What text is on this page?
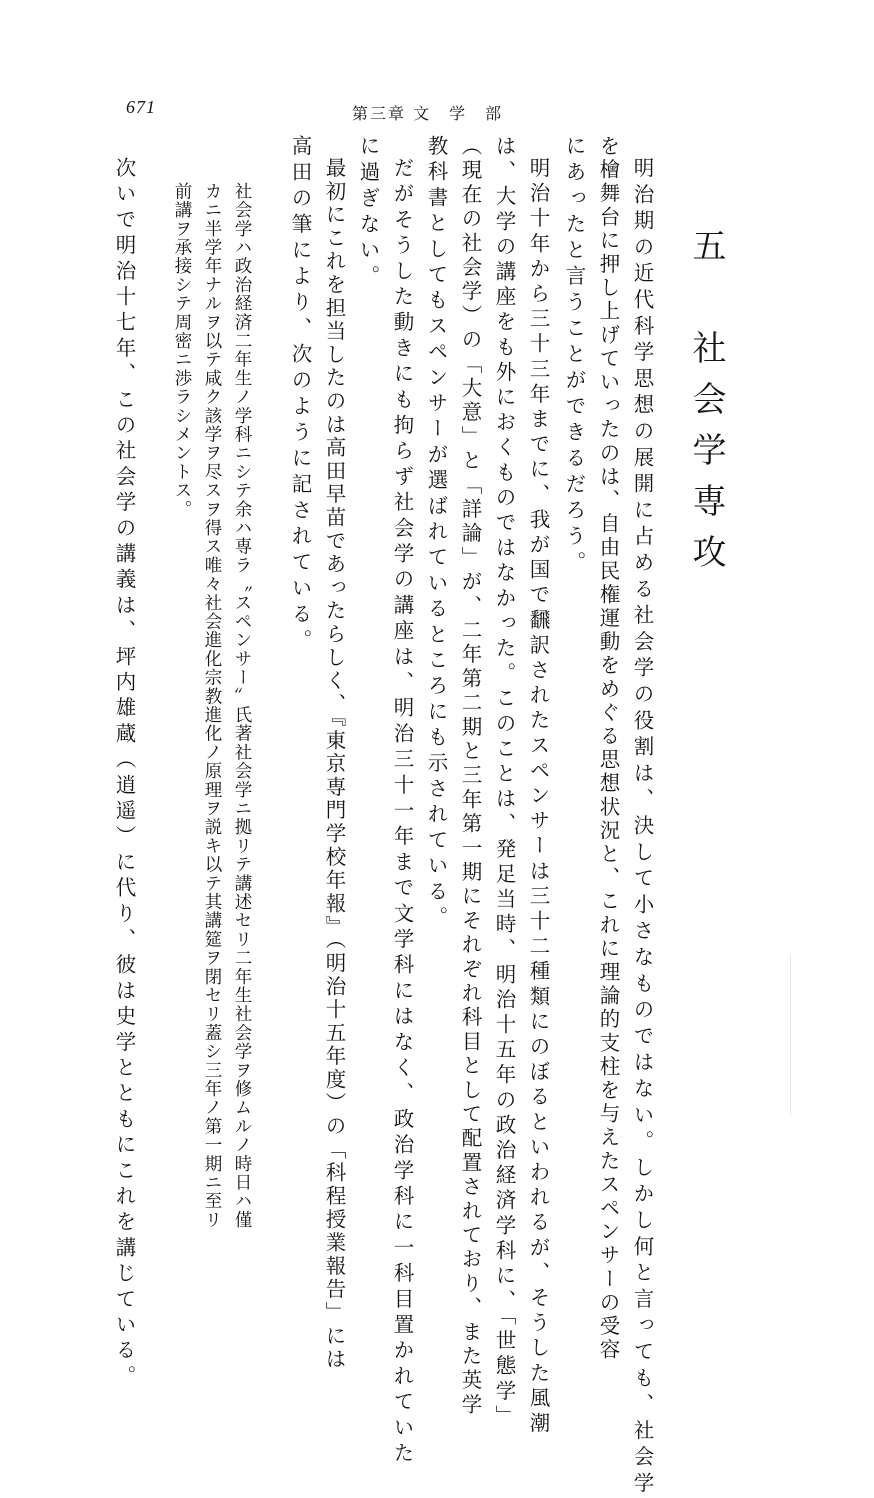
671	第三章 文　学　部
五　社会学専攻
明治期の近代科学思想の展開に占める社会学の役割は、決して小さなものではない。しかし何と言っても、社会学
を檜舞台に押し上げていったのは、自由民権運動をめぐる思想状況と、これに理論的支柱を与えたスペンサーの受容
にあったと言うことができるだろう。
明治十年から三十三年までに、我が国で飜訳されたスペンサーは三十二種類にのぼるといわれるが、そうした風潮
は、大学の講座をも外におくものではなかった。このことは、発足当時、明治十五年の政治経済学科に、「世態学」
（現在の社会学）の「大意」と「詳論」が、二年第二期と三年第一期にそれぞれ科目として配置されており、また英学
教科書としてもスペンサーが選ばれているところにも示されている。
だがそうした動きにも拘らず社会学の講座は、明治三十一年まで文学科にはなく、政治学科に一科目置かれていた
に過ぎない。
最初にこれを担当したのは高田早苗であったらしく、『東京専門学校年報』（明治十五年度）の「科程授業報告」には
高田の筆により、次のように記されている。
社会学ハ政治経済二年生ノ学科ニシテ余ハ専ラ〝スペンサー〟氏著社会学ニ拠リテ講述セリ二年生社会学ヲ修ムルノ時日ハ僅
カニ半学年ナルヲ以テ咸ク該学ヲ尽スヲ得ス唯々社会進化宗教進化ノ原理ヲ説キ以テ其講筵ヲ閉セリ蓋シ三年ノ第一期ニ至リ
前講ヲ承接シテ周密ニ渉ラシメントス。
次いで明治十七年、この社会学の講義は、坪内雄蔵（逍遥）に代り、彼は史学とともにこれを講じている。
